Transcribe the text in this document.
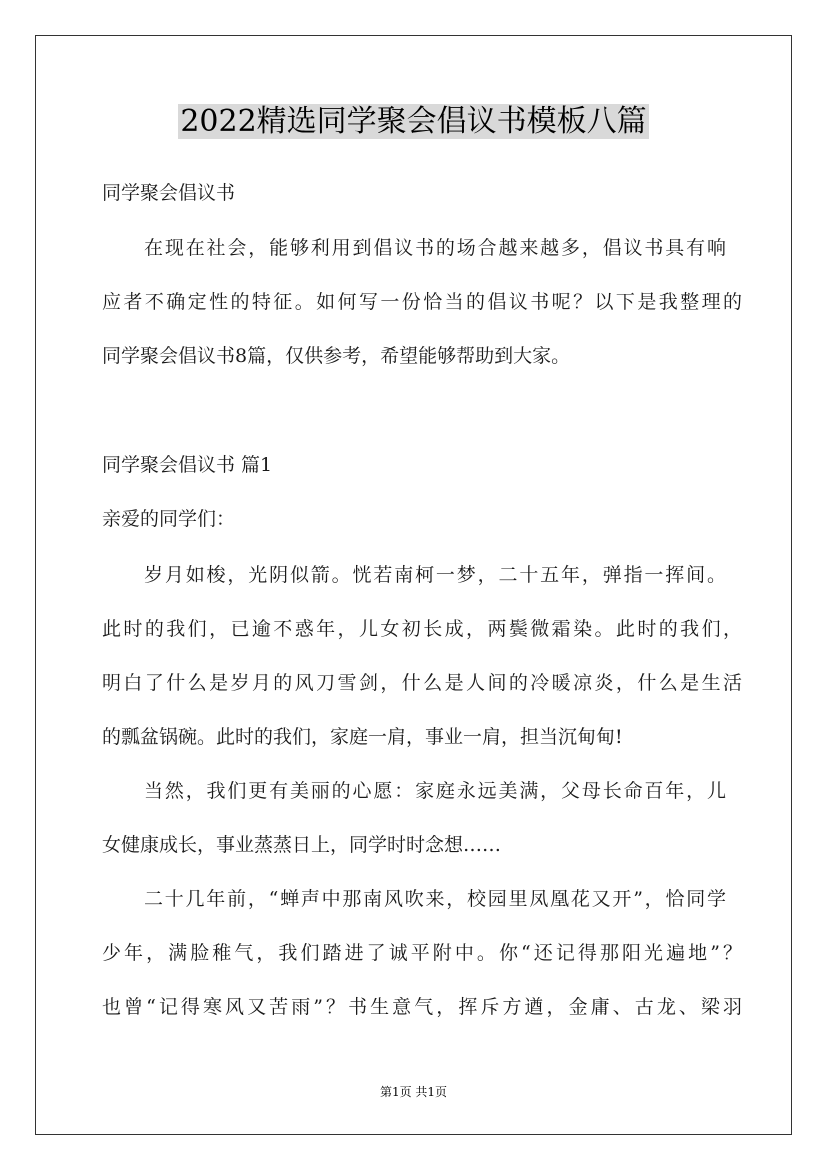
2022精选同学聚会倡议书模板八篇
同学聚会倡议书
在现在社会，能够利用到倡议书的场合越来越多，倡议书具有响
应者不确定性的特征。如何写一份恰当的倡议书呢？以下是我整理的
同学聚会倡议书8篇，仅供参考，希望能够帮助到大家。
同学聚会倡议书 篇1
亲爱的同学们：
岁月如梭，光阴似箭。恍若南柯一梦，二十五年，弹指一挥间。
此时的我们，已逾不惑年，儿女初长成，两鬓微霜染。此时的我们，
明白了什么是岁月的风刀雪剑，什么是人间的冷暖凉炎，什么是生活
的瓢盆锅碗。此时的我们，家庭一肩，事业一肩，担当沉甸甸!
当然，我们更有美丽的心愿：家庭永远美满，父母长命百年，儿
女健康成长，事业蒸蒸日上，同学时时念想……
二十几年前，“蝉声中那南风吹来，校园里凤凰花又开”，恰同学
少年，满脸稚气，我们踏进了诚平附中。你“还记得那阳光遍地”？
也曾“记得寒风又苦雨”？书生意气，挥斥方遒，金庸、古龙、梁羽
第1页 共1页
